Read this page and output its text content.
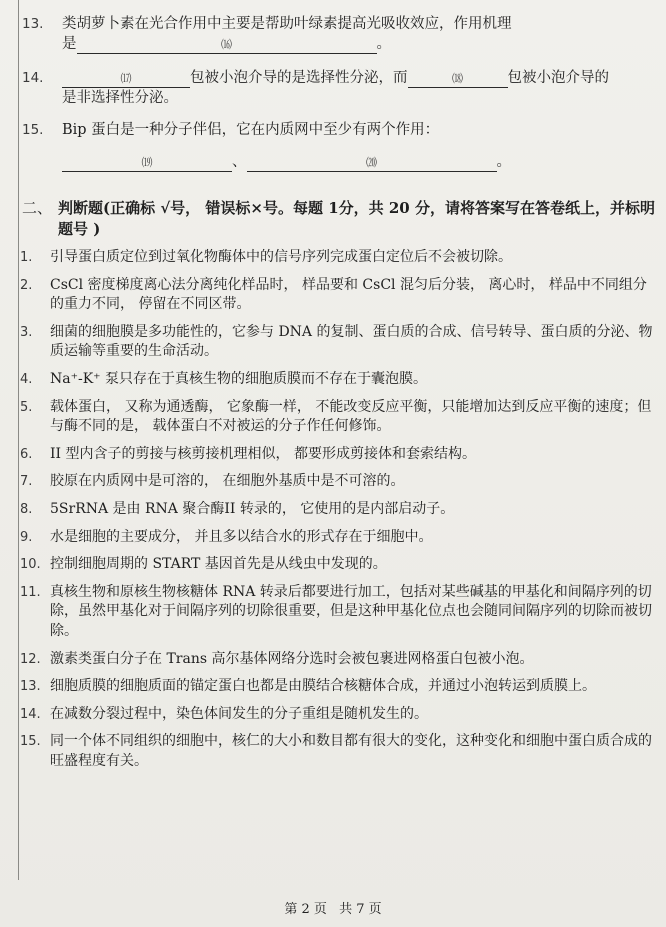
13. 类胡萝卜素在光合作用中主要是帮助叶绿素提高光吸收效应，作用机理
是	⒃	。
14.	⒄	包被小泡介导的是选择性分泌，而	⒅	包被小泡介导的
是非选择性分泌。
15. Bip 蛋白是一种分子伴侣，它在内质网中至少有两个作用：
⒆	、	⒇	。
二、 判断题(正确标 √号， 错误标×号。每题 1分，共 20 分，请将答案写在答卷纸上，并标明题号 )
1. 引导蛋白质定位到过氧化物酶体中的信号序列完成蛋白定位后不会被切除。
2. CsCl 密度梯度离心法分离纯化样品时， 样品要和 CsCl 混匀后分装， 离心时， 样品中不同组分的重力不同， 停留在不同区带。
3. 细菌的细胞膜是多功能性的，它参与 DNA 的复制、蛋白质的合成、信号转导、蛋白质的分泌、物质运输等重要的生命活动。
4. Na⁺-K⁺ 泵只存在于真核生物的细胞质膜而不存在于囊泡膜。
5. 载体蛋白， 又称为通透酶， 它象酶一样， 不能改变反应平衡，只能增加达到反应平衡的速度；但与酶不同的是， 载体蛋白不对被运的分子作任何修饰。
6. II 型内含子的剪接与核剪接机理相似， 都要形成剪接体和套索结构。
7. 胶原在内质网中是可溶的， 在细胞外基质中是不可溶的。
8. 5SrRNA 是由 RNA 聚合酶II 转录的， 它使用的是内部启动子。
9. 水是细胞的主要成分， 并且多以结合水的形式存在于细胞中。
10. 控制细胞周期的 START 基因首先是从线虫中发现的。
11. 真核生物和原核生物核糖体 RNA 转录后都要进行加工，包括对某些碱基的甲基化和间隔序列的切除，虽然甲基化对于间隔序列的切除很重要，但是这种甲基化位点也会随同间隔序列的切除而被切除。
12. 激素类蛋白分子在 Trans 高尔基体网络分选时会被包裹进网格蛋白包被小泡。
13. 细胞质膜的细胞质面的锚定蛋白也都是由膜结合核糖体合成，并通过小泡转运到质膜上。
14. 在减数分裂过程中，染色体间发生的分子重组是随机发生的。
15. 同一个体不同组织的细胞中，核仁的大小和数目都有很大的变化，这种变化和细胞中蛋白质合成的旺盛程度有关。
第 2 页 共 7 页
